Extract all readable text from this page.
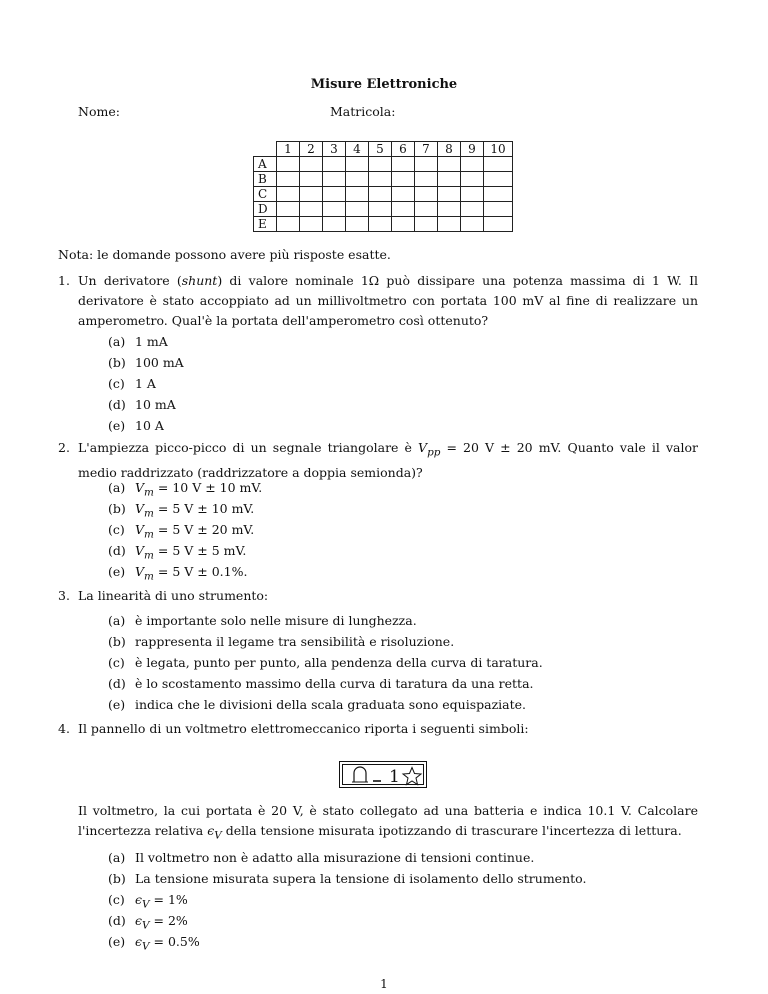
Misure Elettroniche
Nome:	Matricola:
	1	2	3	4	5	6	7	8	9	10
A										
B										
C										
D										
E										
Nota: le domande possono avere più risposte esatte.
1. Un derivatore (shunt) di valore nominale 1Ω può dissipare una potenza massima di 1 W. Il derivatore è stato accoppiato ad un millivoltmetro con portata 100 mV al fine di realizzare un amperometro. Qual'è la portata dell'amperometro così ottenuto?
(a) 1 mA
(b) 100 mA
(c) 1 A
(d) 10 mA
(e) 10 A
2. L'ampiezza picco-picco di un segnale triangolare è $V_{pp} = 20$ V ± 20 mV. Quanto vale il valor medio raddrizzato (raddrizzatore a doppia semionda)?
(a) $V_m = 10$ V ± 10 mV.
(b) $V_m = 5$ V ± 10 mV.
(c) $V_m = 5$ V ± 20 mV.
(d) $V_m = 5$ V ± 5 mV.
(e) $V_m = 5$ V ± 0.1%.
3. La linearità di uno strumento:
(a) è importante solo nelle misure di lunghezza.
(b) rappresenta il legame tra sensibilità e risoluzione.
(c) è legata, punto per punto, alla pendenza della curva di taratura.
(d) è lo scostamento massimo della curva di taratura da una retta.
(e) indica che le divisioni della scala graduata sono equispaziate.
4. Il pannello di un voltmetro elettromeccanico riporta i seguenti simboli:
1
Il voltmetro, la cui portata è 20 V, è stato collegato ad una batteria e indica 10.1 V. Calcolare l'incertezza relativa $\epsilon_V$ della tensione misurata ipotizzando di trascurare l'incertezza di lettura.
(a) Il voltmetro non è adatto alla misurazione di tensioni continue.
(b) La tensione misurata supera la tensione di isolamento dello strumento.
(c) $\epsilon_V = 1\%$
(d) $\epsilon_V = 2\%$
(e) $\epsilon_V = 0.5\%$
1
